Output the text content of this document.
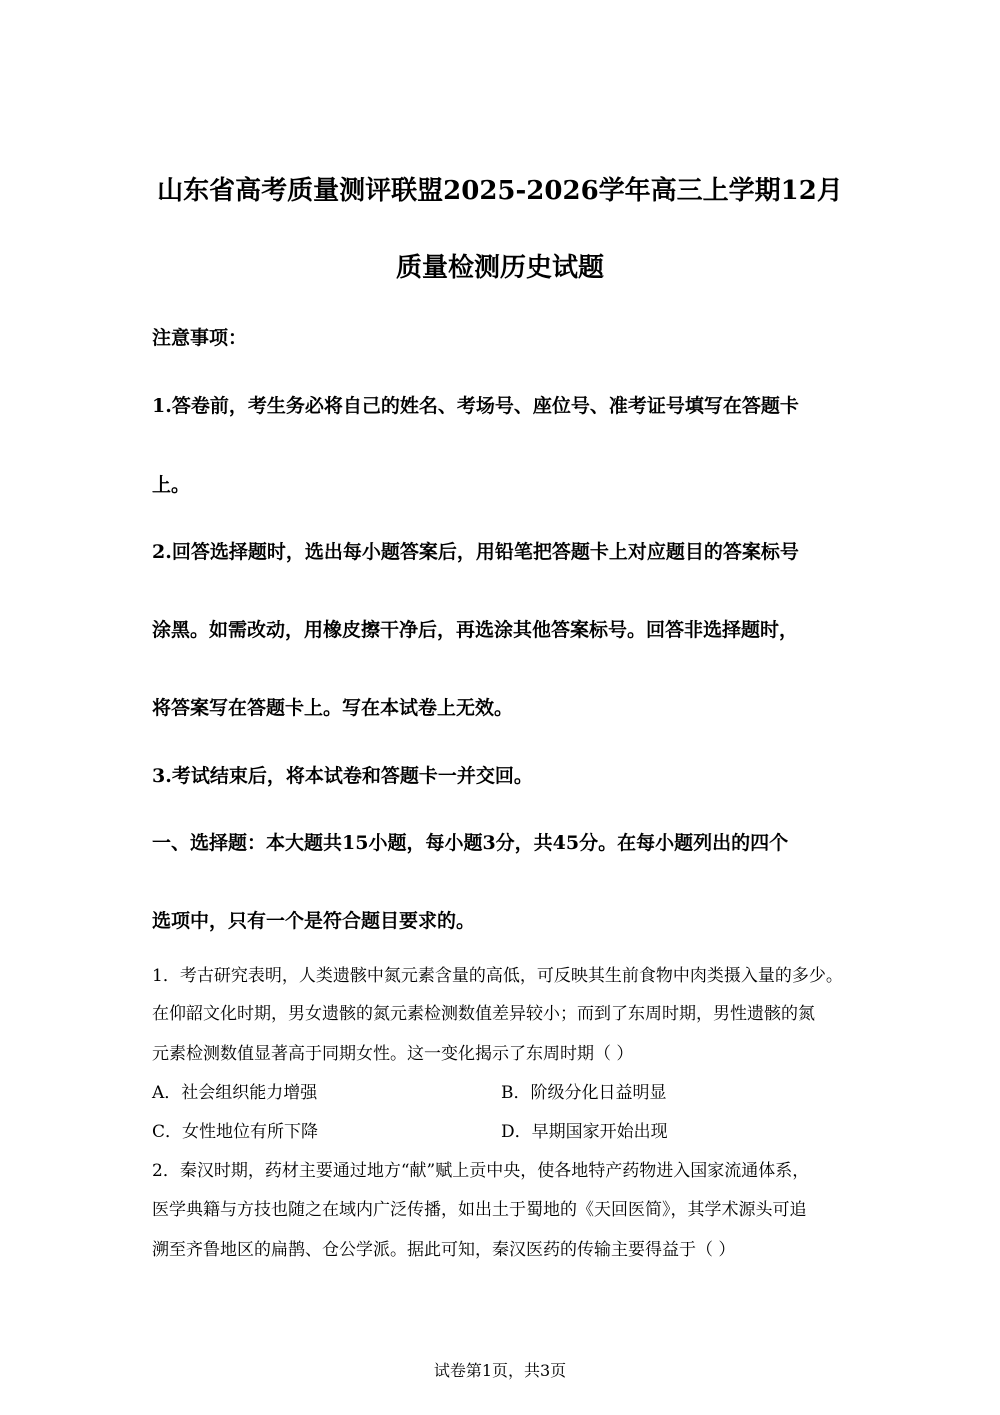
山东省高考质量测评联盟2025-2026学年高三上学期12月
质量检测历史试题
注意事项：
1.答卷前，考生务必将自己的姓名、考场号、座位号、准考证号填写在答题卡
上。
2.回答选择题时，选出每小题答案后，用铅笔把答题卡上对应题目的答案标号
涂黑。如需改动，用橡皮擦干净后，再选涂其他答案标号。回答非选择题时，
将答案写在答题卡上。写在本试卷上无效。
3.考试结束后，将本试卷和答题卡一并交回。
一、选择题：本大题共15小题，每小题3分，共45分。在每小题列出的四个
选项中，只有一个是符合题目要求的。
1．考古研究表明，人类遗骸中氮元素含量的高低，可反映其生前食物中肉类摄入量的多少。
在仰韶文化时期，男女遗骸的氮元素检测数值差异较小；而到了东周时期，男性遗骸的氮
元素检测数值显著高于同期女性。这一变化揭示了东周时期（ ）
A．社会组织能力增强	B．阶级分化日益明显
C．女性地位有所下降	D．早期国家开始出现
2．秦汉时期，药材主要通过地方“献”赋上贡中央，使各地特产药物进入国家流通体系，
医学典籍与方技也随之在域内广泛传播，如出土于蜀地的《天回医简》，其学术源头可追
溯至齐鲁地区的扁鹊、仓公学派。据此可知，秦汉医药的传输主要得益于（ ）
试卷第1页，共3页
